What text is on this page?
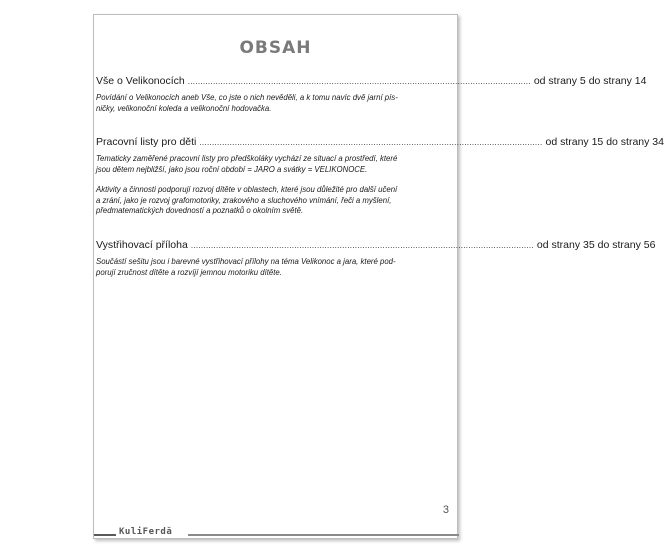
OBSAH
Vše o Velikonocích ........................................................................................................................................ od strany 5 do strany 14
Povídání o Velikonocích aneb Vše, co jste o nich nevěděli, a k tomu navíc dvě jarní pís-
ničky, velikonoční koleda a velikonoční hodovačka.
Pracovní listy pro děti ........................................................................................................................................ od strany 15 do strany 34
Tematicky zaměřené pracovní listy pro předškoláky vychází ze situací a prostředí, které
jsou dětem nejbližší, jako jsou roční období = JARO a svátky = VELIKONOCE.
Aktivity a činnosti podporují rozvoj dítěte v oblastech, které jsou důležité pro další učení
a zrání, jako je rozvoj grafomotoriky, zrakového a sluchového vnímání, řeči a myšlení,
předmatematických dovedností a poznatků o okolním světě.
Vystřihovací příloha ........................................................................................................................................ od strany 35 do strany 56
Součástí sešitu jsou i barevné vystřihovací přílohy na téma Velikonoc a jara, které pod-
porují zručnost dítěte a rozvíjí jemnou motoriku dítěte.
3
KuliFerdă
